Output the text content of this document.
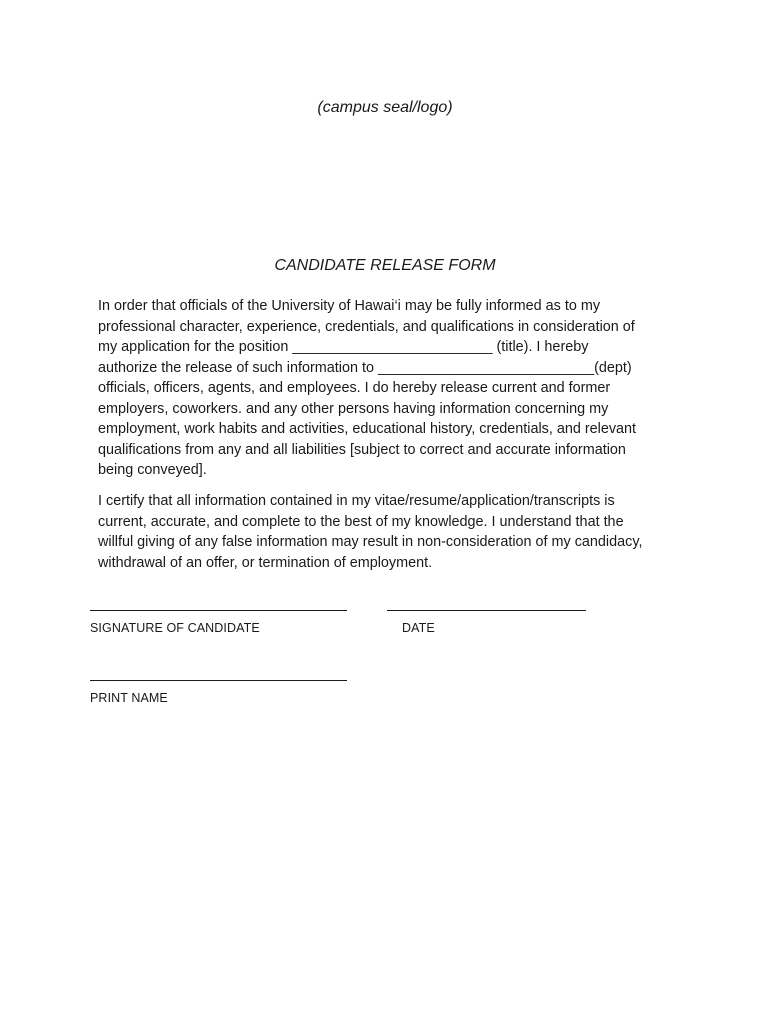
(campus seal/logo)
CANDIDATE RELEASE FORM
In order that officials of the University of Hawai‘i may be fully informed as to my
professional character, experience, credentials, and qualifications in consideration of
my application for the position _________________________ (title). I hereby
authorize the release of such information to ___________________________(dept)
officials, officers, agents, and employees. I do hereby release current and former
employers, coworkers. and any other persons having information concerning my
employment, work habits and activities, educational history, credentials, and relevant
qualifications from any and all liabilities [subject to correct and accurate information
being conveyed].
I certify that all information contained in my vitae/resume/application/transcripts is
current, accurate, and complete to the best of my knowledge. I understand that the
willful giving of any false information may result in non-consideration of my candidacy,
withdrawal of an offer, or termination of employment.
SIGNATURE OF CANDIDATE	DATE
PRINT NAME
